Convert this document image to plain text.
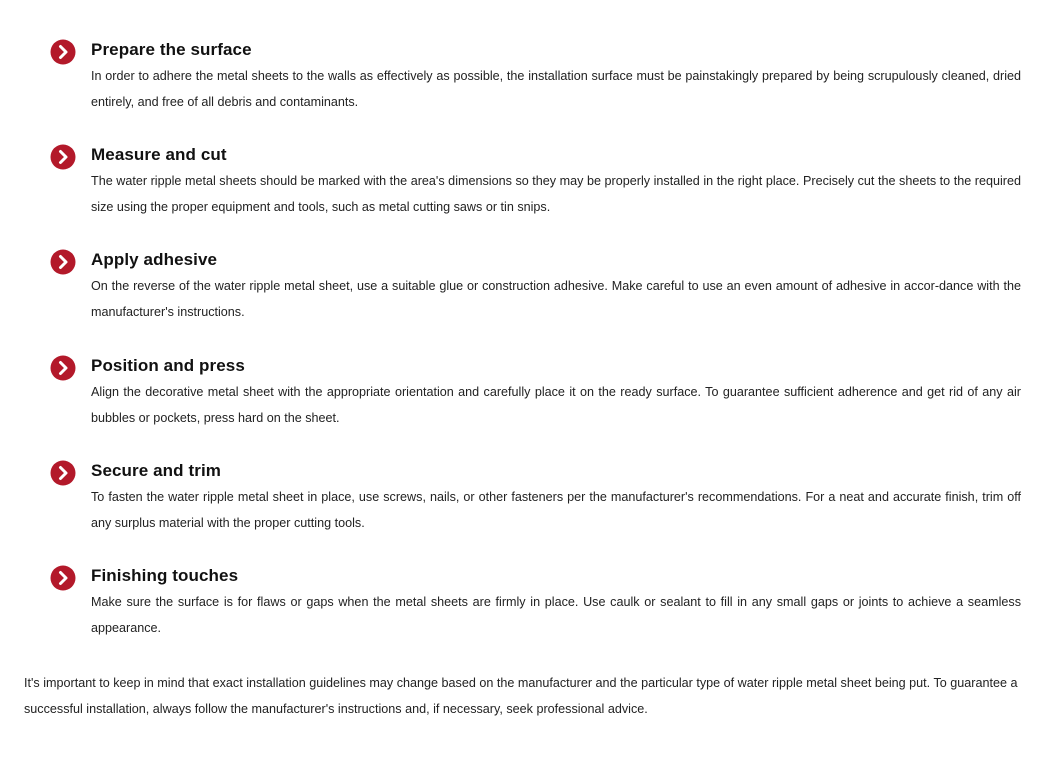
Prepare the surface
In order to adhere the metal sheets to the walls as effectively as possible, the installation surface must be painstakingly prepared by being scrupulously cleaned, dried entirely, and free of all debris and contaminants.
Measure and cut
The water ripple metal sheets should be marked with the area's dimensions so they may be properly installed in the right place. Precisely cut the sheets to the required size using the proper equipment and tools, such as metal cutting saws or tin snips.
Apply adhesive
On the reverse of the water ripple metal sheet, use a suitable glue or construction adhesive. Make careful to use an even amount of adhesive in accor-dance with the manufacturer's instructions.
Position and press
Align the decorative metal sheet with the appropriate orientation and carefully place it on the ready surface. To guarantee sufficient adherence and get rid of any air bubbles or pockets, press hard on the sheet.
Secure and trim
To fasten the water ripple metal sheet in place, use screws, nails, or other fasteners per the manufacturer's recommendations. For a neat and accurate finish, trim off any surplus material with the proper cutting tools.
Finishing touches
Make sure the surface is for flaws or gaps when the metal sheets are firmly in place. Use caulk or sealant to fill in any small gaps or joints to achieve a seamless appearance.
It's important to keep in mind that exact installation guidelines may change based on the manufacturer and the particular type of water ripple metal sheet being put. To guarantee a successful installation, always follow the manufacturer's instructions and, if necessary, seek professional advice.
